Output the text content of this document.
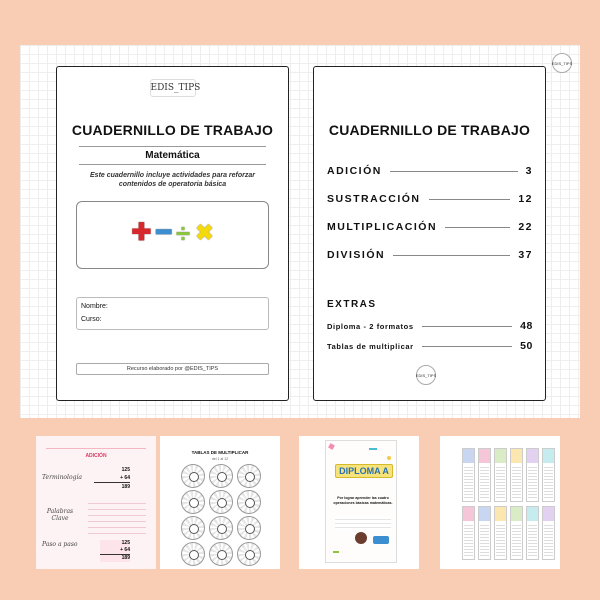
EDIS_TIPS
EDIS_TIPS
CUADERNILLO DE TRABAJO
Matemática
Este cuadernillo incluye actividades para reforzar contenidos de operatoria básica
✚ ━ ÷ ✖
Nombre:
Curso:
Recurso elaborado por @EDIS_TIPS
CUADERNILLO DE TRABAJO
ADICIÓN	3
SUSTRACCIÓN	12
MULTIPLICACIÓN	22
DIVISIÓN	37
EXTRAS
Diploma - 2 formatos	48
Tablas de multiplicar	50
EDIS_TIPS
ADICIÓN
Terminología
Palabras Clave
Paso a paso
125
+ 64
189
125
+ 64
189
TABLAS DE MULTIPLICAR
del 1 al 12
DIPLOMA A
Por lograr aprender las cuatro operaciones básicas matemáticas.
